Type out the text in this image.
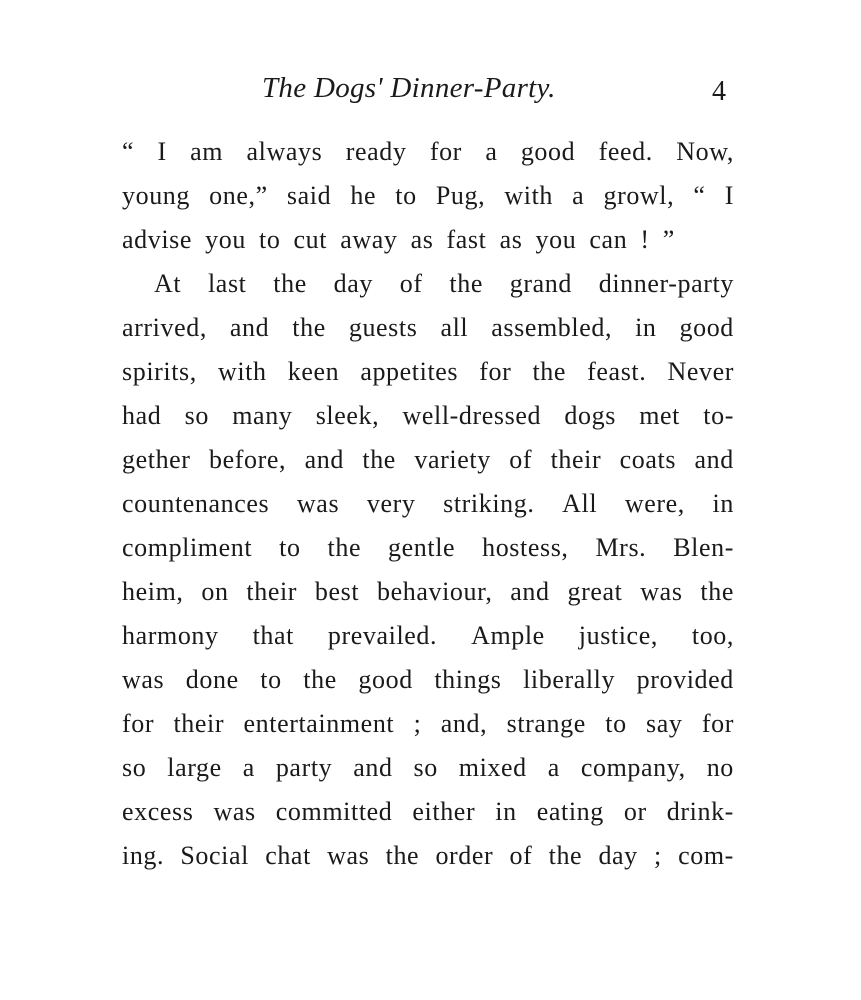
The Dogs' Dinner-Party.	4
“ I am always ready for a good feed. Now,
young one,” said he to Pug, with a growl, “ I
advise you to cut away as fast as you can ! ”
At last the day of the grand dinner-party
arrived, and the guests all assembled, in good
spirits, with keen appetites for the feast. Never
had so many sleek, well-dressed dogs met to-
gether before, and the variety of their coats and
countenances was very striking. All were, in
compliment to the gentle hostess, Mrs. Blen-
heim, on their best behaviour, and great was the
harmony that prevailed. Ample justice, too,
was done to the good things liberally provided
for their entertainment ; and, strange to say for
so large a party and so mixed a company, no
excess was committed either in eating or drink-
ing. Social chat was the order of the day ; com-
